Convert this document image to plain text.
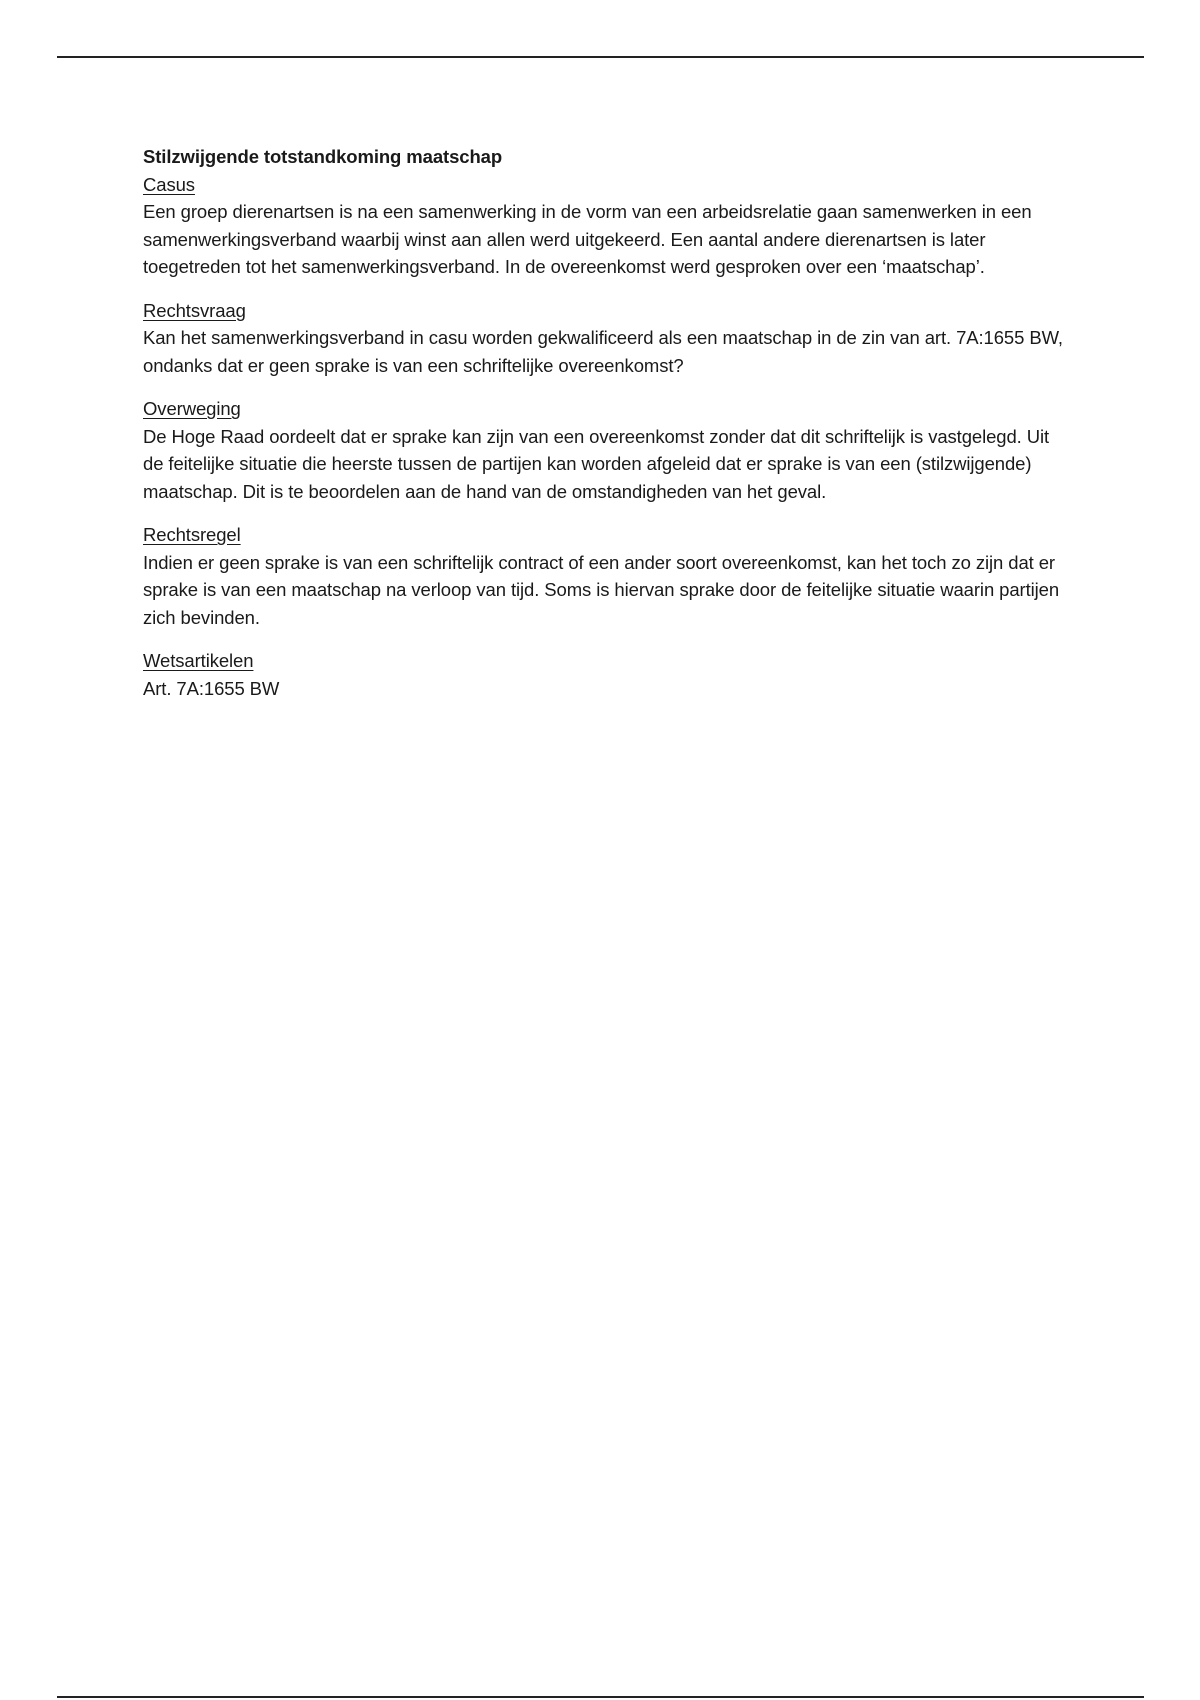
Stilzwijgende totstandkoming maatschap

Casus

Een groep dierenartsen is na een samenwerking in de vorm van een arbeidsrelatie gaan samenwerken in een samenwerkingsverband waarbij winst aan allen werd uitgekeerd. Een aantal andere dierenartsen is later toegetreden tot het samenwerkingsverband. In de overeenkomst werd gesproken over een ‘maatschap’.

Rechtsvraag

Kan het samenwerkingsverband in casu worden gekwalificeerd als een maatschap in de zin van art. 7A:1655 BW, ondanks dat er geen sprake is van een schriftelijke overeenkomst?

Overweging

De Hoge Raad oordeelt dat er sprake kan zijn van een overeenkomst zonder dat dit schriftelijk is vastgelegd. Uit de feitelijke situatie die heerste tussen de partijen kan worden afgeleid dat er sprake is van een (stilzwijgende) maatschap. Dit is te beoordelen aan de hand van de omstandigheden van het geval.

Rechtsregel

Indien er geen sprake is van een schriftelijk contract of een ander soort overeenkomst, kan het toch zo zijn dat er sprake is van een maatschap na verloop van tijd. Soms is hiervan sprake door de feitelijke situatie waarin partijen zich bevinden.

Wetsartikelen

Art. 7A:1655 BW
